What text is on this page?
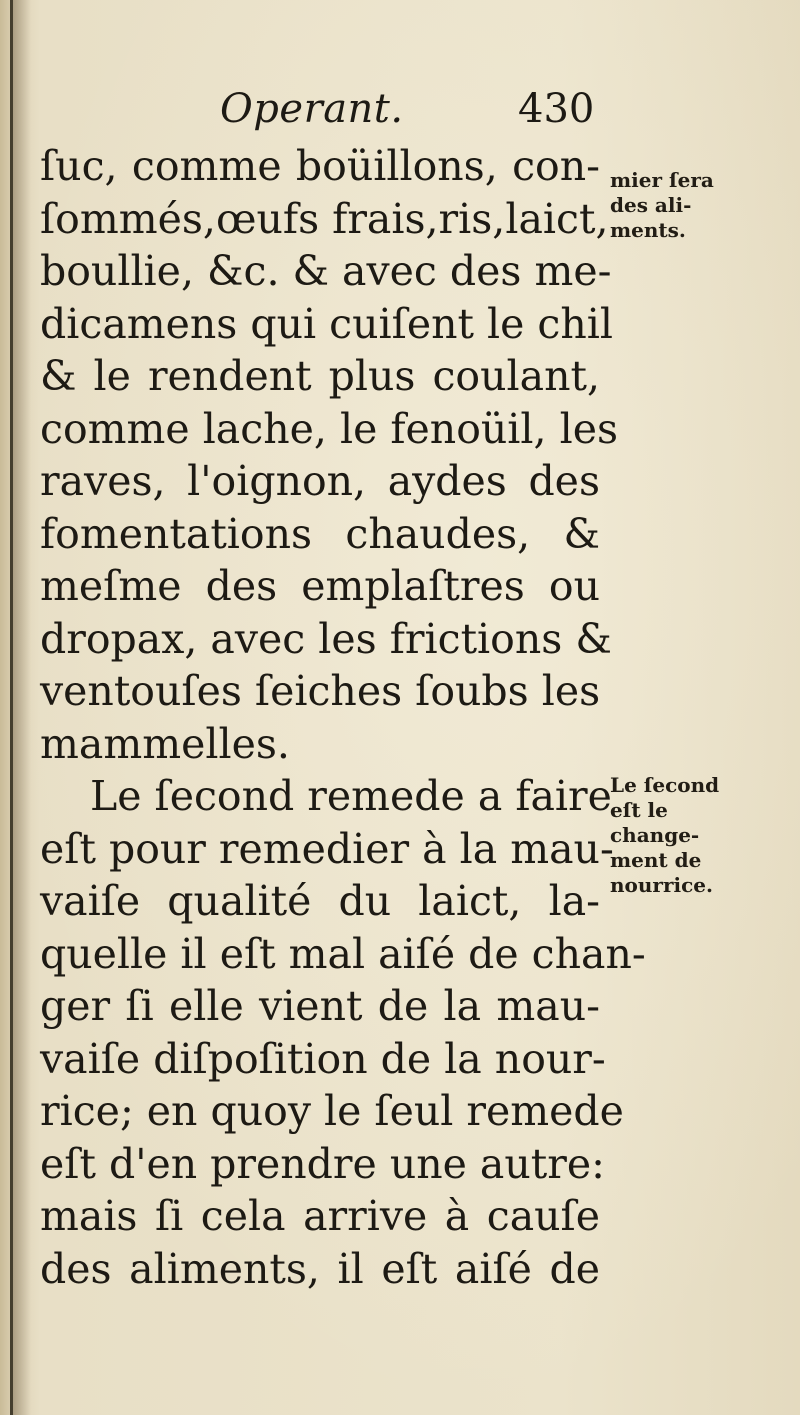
Operant.	430
ſuc, comme boüillons, con-
ſommés,œufs frais,ris,laict,
boullie, &c. & avec des me-
dicamens qui cuiſent le chil
& le rendent plus coulant,
comme lache, le fenoüil, les
raves, l'oignon, aydes des
fomentations chaudes, &
meſme des emplaſtres ou
dropax, avec les frictions &
ventouſes ſeiches ſoubs les
mammelles.
Le ſecond remede a faire
eſt pour remedier à la mau-
vaiſe qualité du laict, la-
quelle il eſt mal aiſé de chan-
ger ſi elle vient de la mau-
vaiſe diſpoſition de la nour-
rice; en quoy le ſeul remede
eſt d'en prendre une autre:
mais ſi cela arrive à cauſe
des aliments, il eſt aiſé de
mier ſera
des ali-
ments.
Le ſecond
eſt le
change-
ment de
nourrice.
